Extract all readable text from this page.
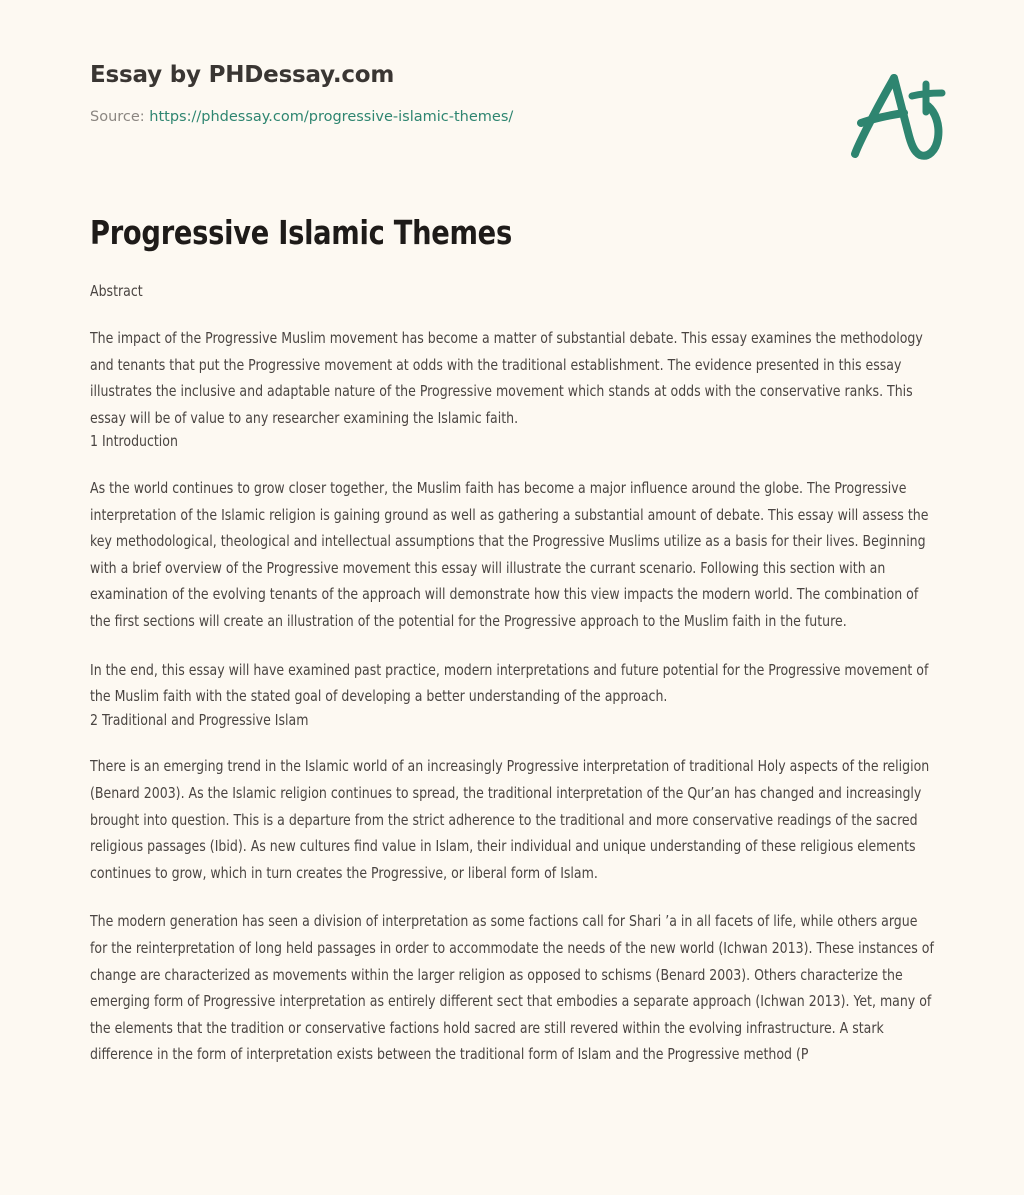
Essay by PHDessay.com
Source: https://phdessay.com/progressive-islamic-themes/
Progressive Islamic Themes
Abstract

The impact of the Progressive Muslim movement has become a matter of substantial debate. This essay examines the methodology and tenants that put the Progressive movement at odds with the traditional establishment. The evidence presented in this essay illustrates the inclusive and adaptable nature of the Progressive movement which stands at odds with the conservative ranks. This essay will be of value to any researcher examining the Islamic faith.

1 Introduction

As the world continues to grow closer together, the Muslim faith has become a major influence around the globe. The Progressive interpretation of the Islamic religion is gaining ground as well as gathering a substantial amount of debate. This essay will assess the key methodological, theological and intellectual assumptions that the Progressive Muslims utilize as a basis for their lives. Beginning with a brief overview of the Progressive movement this essay will illustrate the currant scenario. Following this section with an examination of the evolving tenants of the approach will demonstrate how this view impacts the modern world. The combination of the first sections will create an illustration of the potential for the Progressive approach to the Muslim faith in the future.

In the end, this essay will have examined past practice, modern interpretations and future potential for the Progressive movement of the Muslim faith with the stated goal of developing a better understanding of the approach.

2 Traditional and Progressive Islam

There is an emerging trend in the Islamic world of an increasingly Progressive interpretation of traditional Holy aspects of the religion (Benard 2003). As the Islamic religion continues to spread, the traditional interpretation of the Qur’an has changed and increasingly brought into question. This is a departure from the strict adherence to the traditional and more conservative readings of the sacred religious passages (Ibid). As new cultures find value in Islam, their individual and unique understanding of these religious elements continues to grow, which in turn creates the Progressive, or liberal form of Islam.

The modern generation has seen a division of interpretation as some factions call for Shari ’a in all facets of life, while others argue for the reinterpretation of long held passages in order to accommodate the needs of the new world (Ichwan 2013). These instances of change are characterized as movements within the larger religion as opposed to schisms (Benard 2003). Others characterize the emerging form of Progressive interpretation as entirely different sect that embodies a separate approach (Ichwan 2013). Yet, many of the elements that the tradition or conservative factions hold sacred are still revered within the evolving infrastructure. A stark difference in the form of interpretation exists between the traditional form of Islam and the Progressive method (P
